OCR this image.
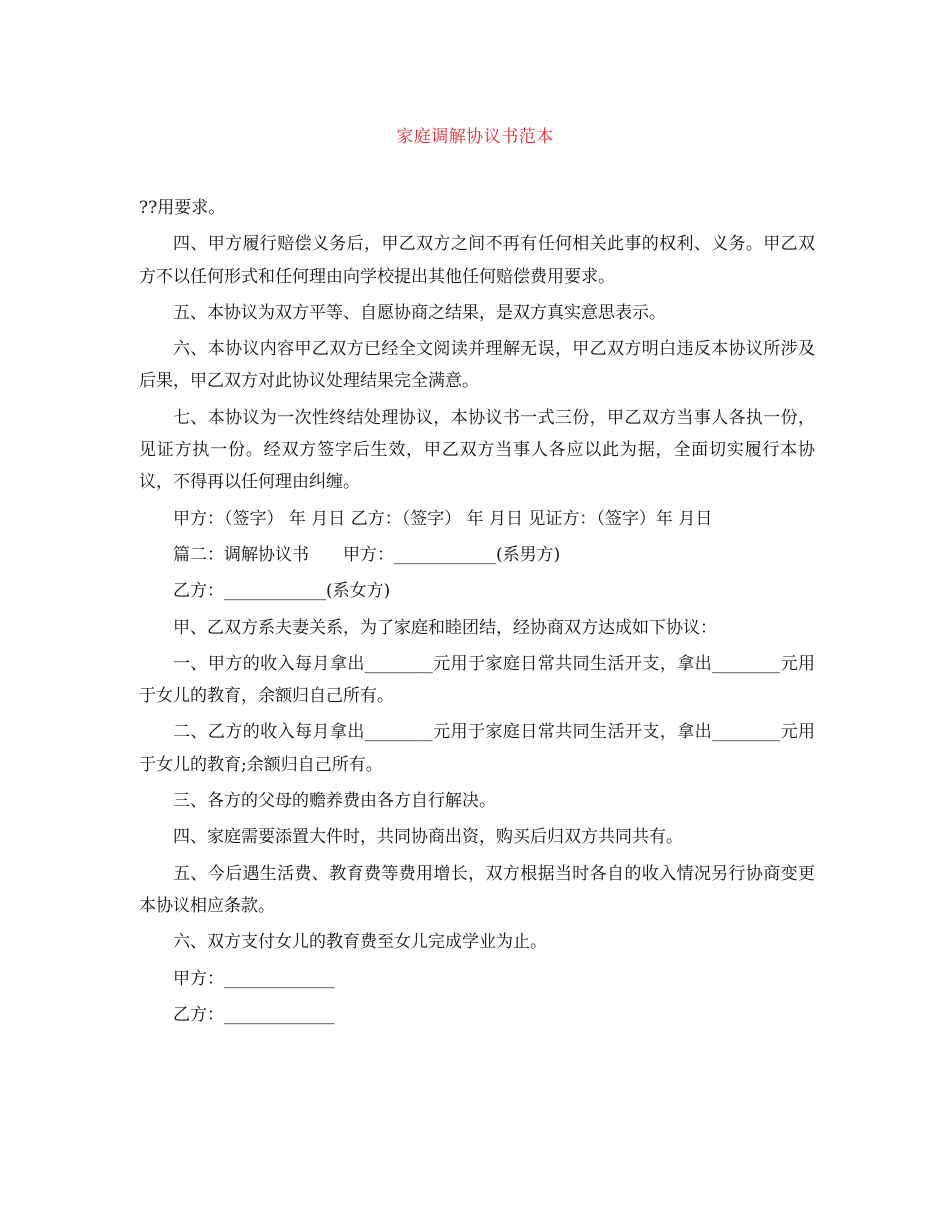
家庭调解协议书范本

??用要求。

四、甲方履行赔偿义务后，甲乙双方之间不再有任何相关此事的权利、义务。甲乙双方不以任何形式和任何理由向学校提出其他任何赔偿费用要求。

五、本协议为双方平等、自愿协商之结果，是双方真实意思表示。

六、本协议内容甲乙双方已经全文阅读并理解无误，甲乙双方明白违反本协议所涉及后果，甲乙双方对此协议处理结果完全满意。

七、本协议为一次性终结处理协议，本协议书一式三份，甲乙双方当事人各执一份，见证方执一份。经双方签字后生效，甲乙双方当事人各应以此为据，全面切实履行本协议，不得再以任何理由纠缠。

甲方：（签字） 年 月日 乙方：（签字） 年 月日 见证方：（签字）年 月日

篇二：调解协议书　　甲方：____________(系男方)

乙方：____________(系女方)

甲、乙双方系夫妻关系，为了家庭和睦团结，经协商双方达成如下协议：

一、甲方的收入每月拿出________元用于家庭日常共同生活开支，拿出________元用于女儿的教育，余额归自己所有。

二、乙方的收入每月拿出________元用于家庭日常共同生活开支，拿出________元用于女儿的教育;余额归自己所有。

三、各方的父母的赡养费由各方自行解决。

四、家庭需要添置大件时，共同协商出资，购买后归双方共同共有。

五、今后遇生活费、教育费等费用增长，双方根据当时各自的收入情况另行协商变更本协议相应条款。

六、双方支付女儿的教育费至女儿完成学业为止。

甲方：_____________

乙方：_____________
